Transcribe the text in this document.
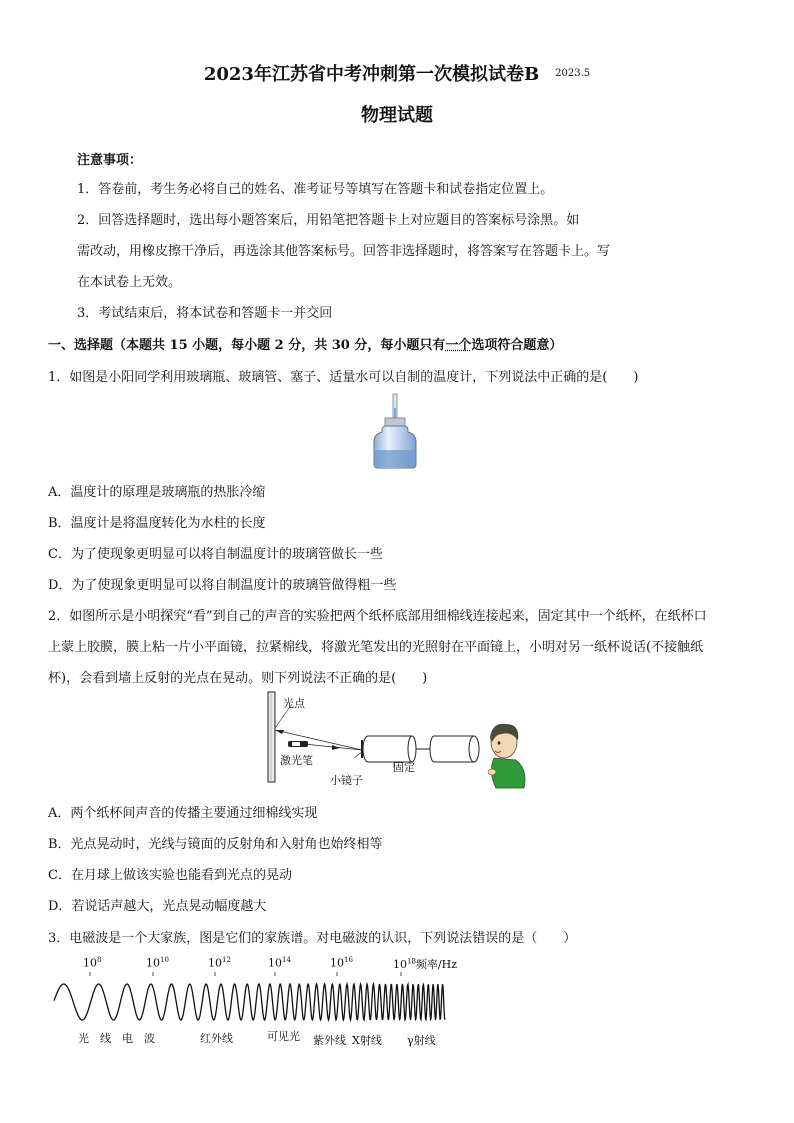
2023年江苏省中考冲刺第一次模拟试卷B $^{2023.5}$
物理试题
注意事项：
1．答卷前，考生务必将自己的姓名、准考证号等填写在答题卡和试卷指定位置上。
2．回答选择题时，选出每小题答案后，用铅笔把答题卡上对应题目的答案标号涂黑。如
需改动，用橡皮擦干净后，再选涂其他答案标号。回答非选择题时，将答案写在答题卡上。写
在本试卷上无效。
3．考试结束后，将本试卷和答题卡一并交回
一、选择题（本题共 15 小题，每小题 2 分，共 30 分，每小题只有一个选项符合题意）
1．如图是小阳同学利用玻璃瓶、玻璃管、塞子、适量水可以自制的温度计，下列说法中正确的是(　　)
A．温度计的原理是玻璃瓶的热胀冷缩
B．温度计是将温度转化为水柱的长度
C．为了使现象更明显可以将自制温度计的玻璃管做长一些
D．为了使现象更明显可以将自制温度计的玻璃管做得粗一些
2．如图所示是小明探究“看”到自己的声音的实验把两个纸杯底部用细棉线连接起来，固定其中一个纸杯，在纸杯口
上蒙上胶膜，膜上粘一片小平面镜，拉紧棉线，将激光笔发出的光照射在平面镜上，小明对另一纸杯说话(不接触纸
杯)，会看到墙上反射的光点在晃动。则下列说法不正确的是(　　)
光点
激光笔
固定
小镜子
A．两个纸杯间声音的传播主要通过细棉线实现
B．光点晃动时，光线与镜面的反射角和入射角也始终相等
C．在月球上做该实验也能看到光点的晃动
D．若说话声越大，光点晃动幅度越大
3．电磁波是一个大家族，图是它们的家族谱。对电磁波的认识，下列说法错误的是（　　）
$10^8$	$10^{10}$	$10^{12}$	$10^{14}$	$10^{16}$	$10^{18}$频率/Hz
光　线　电　波	红外线	可见光 紫外线 X射线 γ射线
